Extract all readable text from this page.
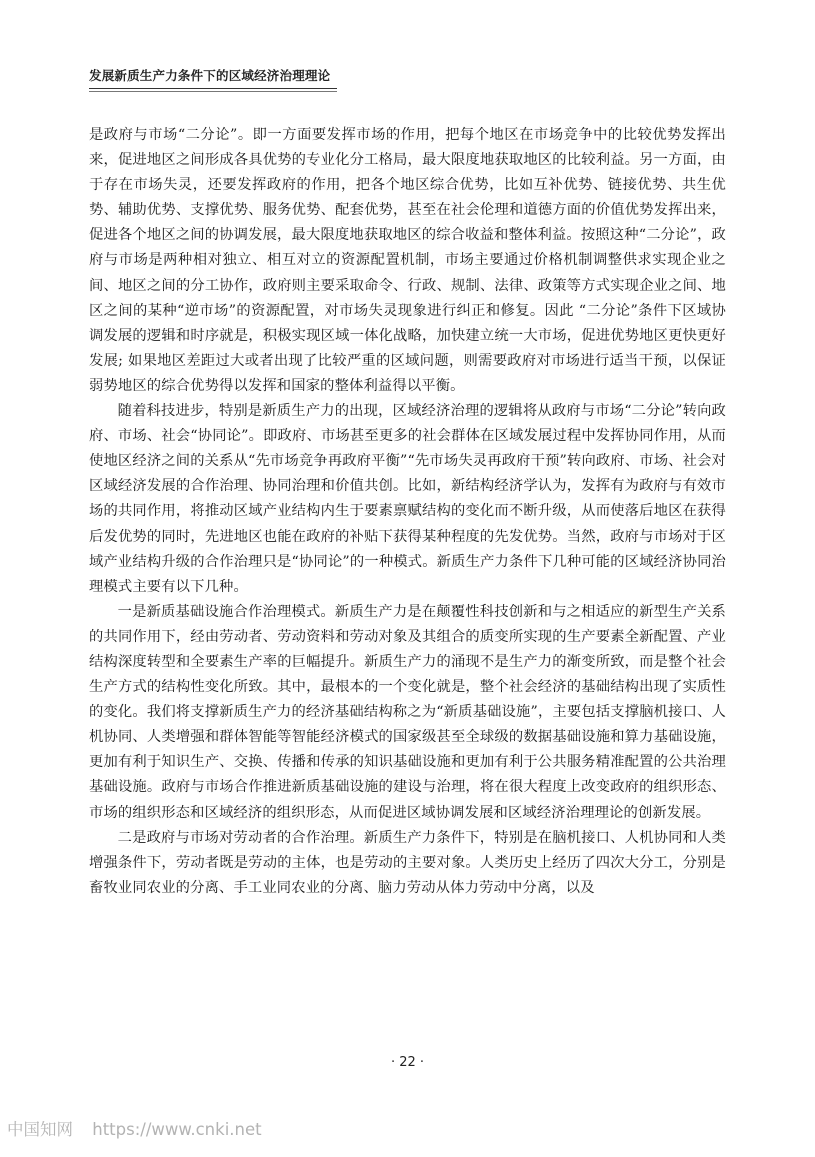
发展新质生产力条件下的区域经济治理理论

是政府与市场“二分论”。即一方面要发挥市场的作用，把每个地区在市场竞争中的比较优势发挥出来，促进地区之间形成各具优势的专业化分工格局，最大限度地获取地区的比较利益。另一方面，由于存在市场失灵，还要发挥政府的作用，把各个地区综合优势，比如互补优势、链接优势、共生优势、辅助优势、支撑优势、服务优势、配套优势，甚至在社会伦理和道德方面的价值优势发挥出来，促进各个地区之间的协调发展，最大限度地获取地区的综合收益和整体利益。按照这种“二分论”，政府与市场是两种相对独立、相互对立的资源配置机制，市场主要通过价格机制调整供求实现企业之间、地区之间的分工协作，政府则主要采取命令、行政、规制、法律、政策等方式实现企业之间、地区之间的某种“逆市场”的资源配置，对市场失灵现象进行纠正和修复。因此 “二分论”条件下区域协调发展的逻辑和时序就是，积极实现区域一体化战略，加快建立统一大市场，促进优势地区更快更好发展; 如果地区差距过大或者出现了比较严重的区域问题，则需要政府对市场进行适当干预，以保证弱势地区的综合优势得以发挥和国家的整体利益得以平衡。

随着科技进步，特别是新质生产力的出现，区域经济治理的逻辑将从政府与市场“二分论”转向政府、市场、社会“协同论”。即政府、市场甚至更多的社会群体在区域发展过程中发挥协同作用，从而使地区经济之间的关系从“先市场竞争再政府平衡”“先市场失灵再政府干预”转向政府、市场、社会对区域经济发展的合作治理、协同治理和价值共创。比如，新结构经济学认为，发挥有为政府与有效市场的共同作用，将推动区域产业结构内生于要素禀赋结构的变化而不断升级，从而使落后地区在获得后发优势的同时，先进地区也能在政府的补贴下获得某种程度的先发优势。当然，政府与市场对于区域产业结构升级的合作治理只是“协同论”的一种模式。新质生产力条件下几种可能的区域经济协同治理模式主要有以下几种。

一是新质基础设施合作治理模式。新质生产力是在颠覆性科技创新和与之相适应的新型生产关系的共同作用下，经由劳动者、劳动资料和劳动对象及其组合的质变所实现的生产要素全新配置、产业结构深度转型和全要素生产率的巨幅提升。新质生产力的涌现不是生产力的渐变所致，而是整个社会生产方式的结构性变化所致。其中，最根本的一个变化就是，整个社会经济的基础结构出现了实质性的变化。我们将支撑新质生产力的经济基础结构称之为“新质基础设施”，主要包括支撑脑机接口、人机协同、人类增强和群体智能等智能经济模式的国家级甚至全球级的数据基础设施和算力基础设施，更加有利于知识生产、交换、传播和传承的知识基础设施和更加有利于公共服务精准配置的公共治理基础设施。政府与市场合作推进新质基础设施的建设与治理，将在很大程度上改变政府的组织形态、市场的组织形态和区域经济的组织形态，从而促进区域协调发展和区域经济治理理论的创新发展。

二是政府与市场对劳动者的合作治理。新质生产力条件下，特别是在脑机接口、人机协同和人类增强条件下，劳动者既是劳动的主体，也是劳动的主要对象。人类历史上经历了四次大分工，分别是畜牧业同农业的分离、手工业同农业的分离、脑力劳动从体力劳动中分离，以及

· 22 ·
中国知网 https://www.cnki.net
